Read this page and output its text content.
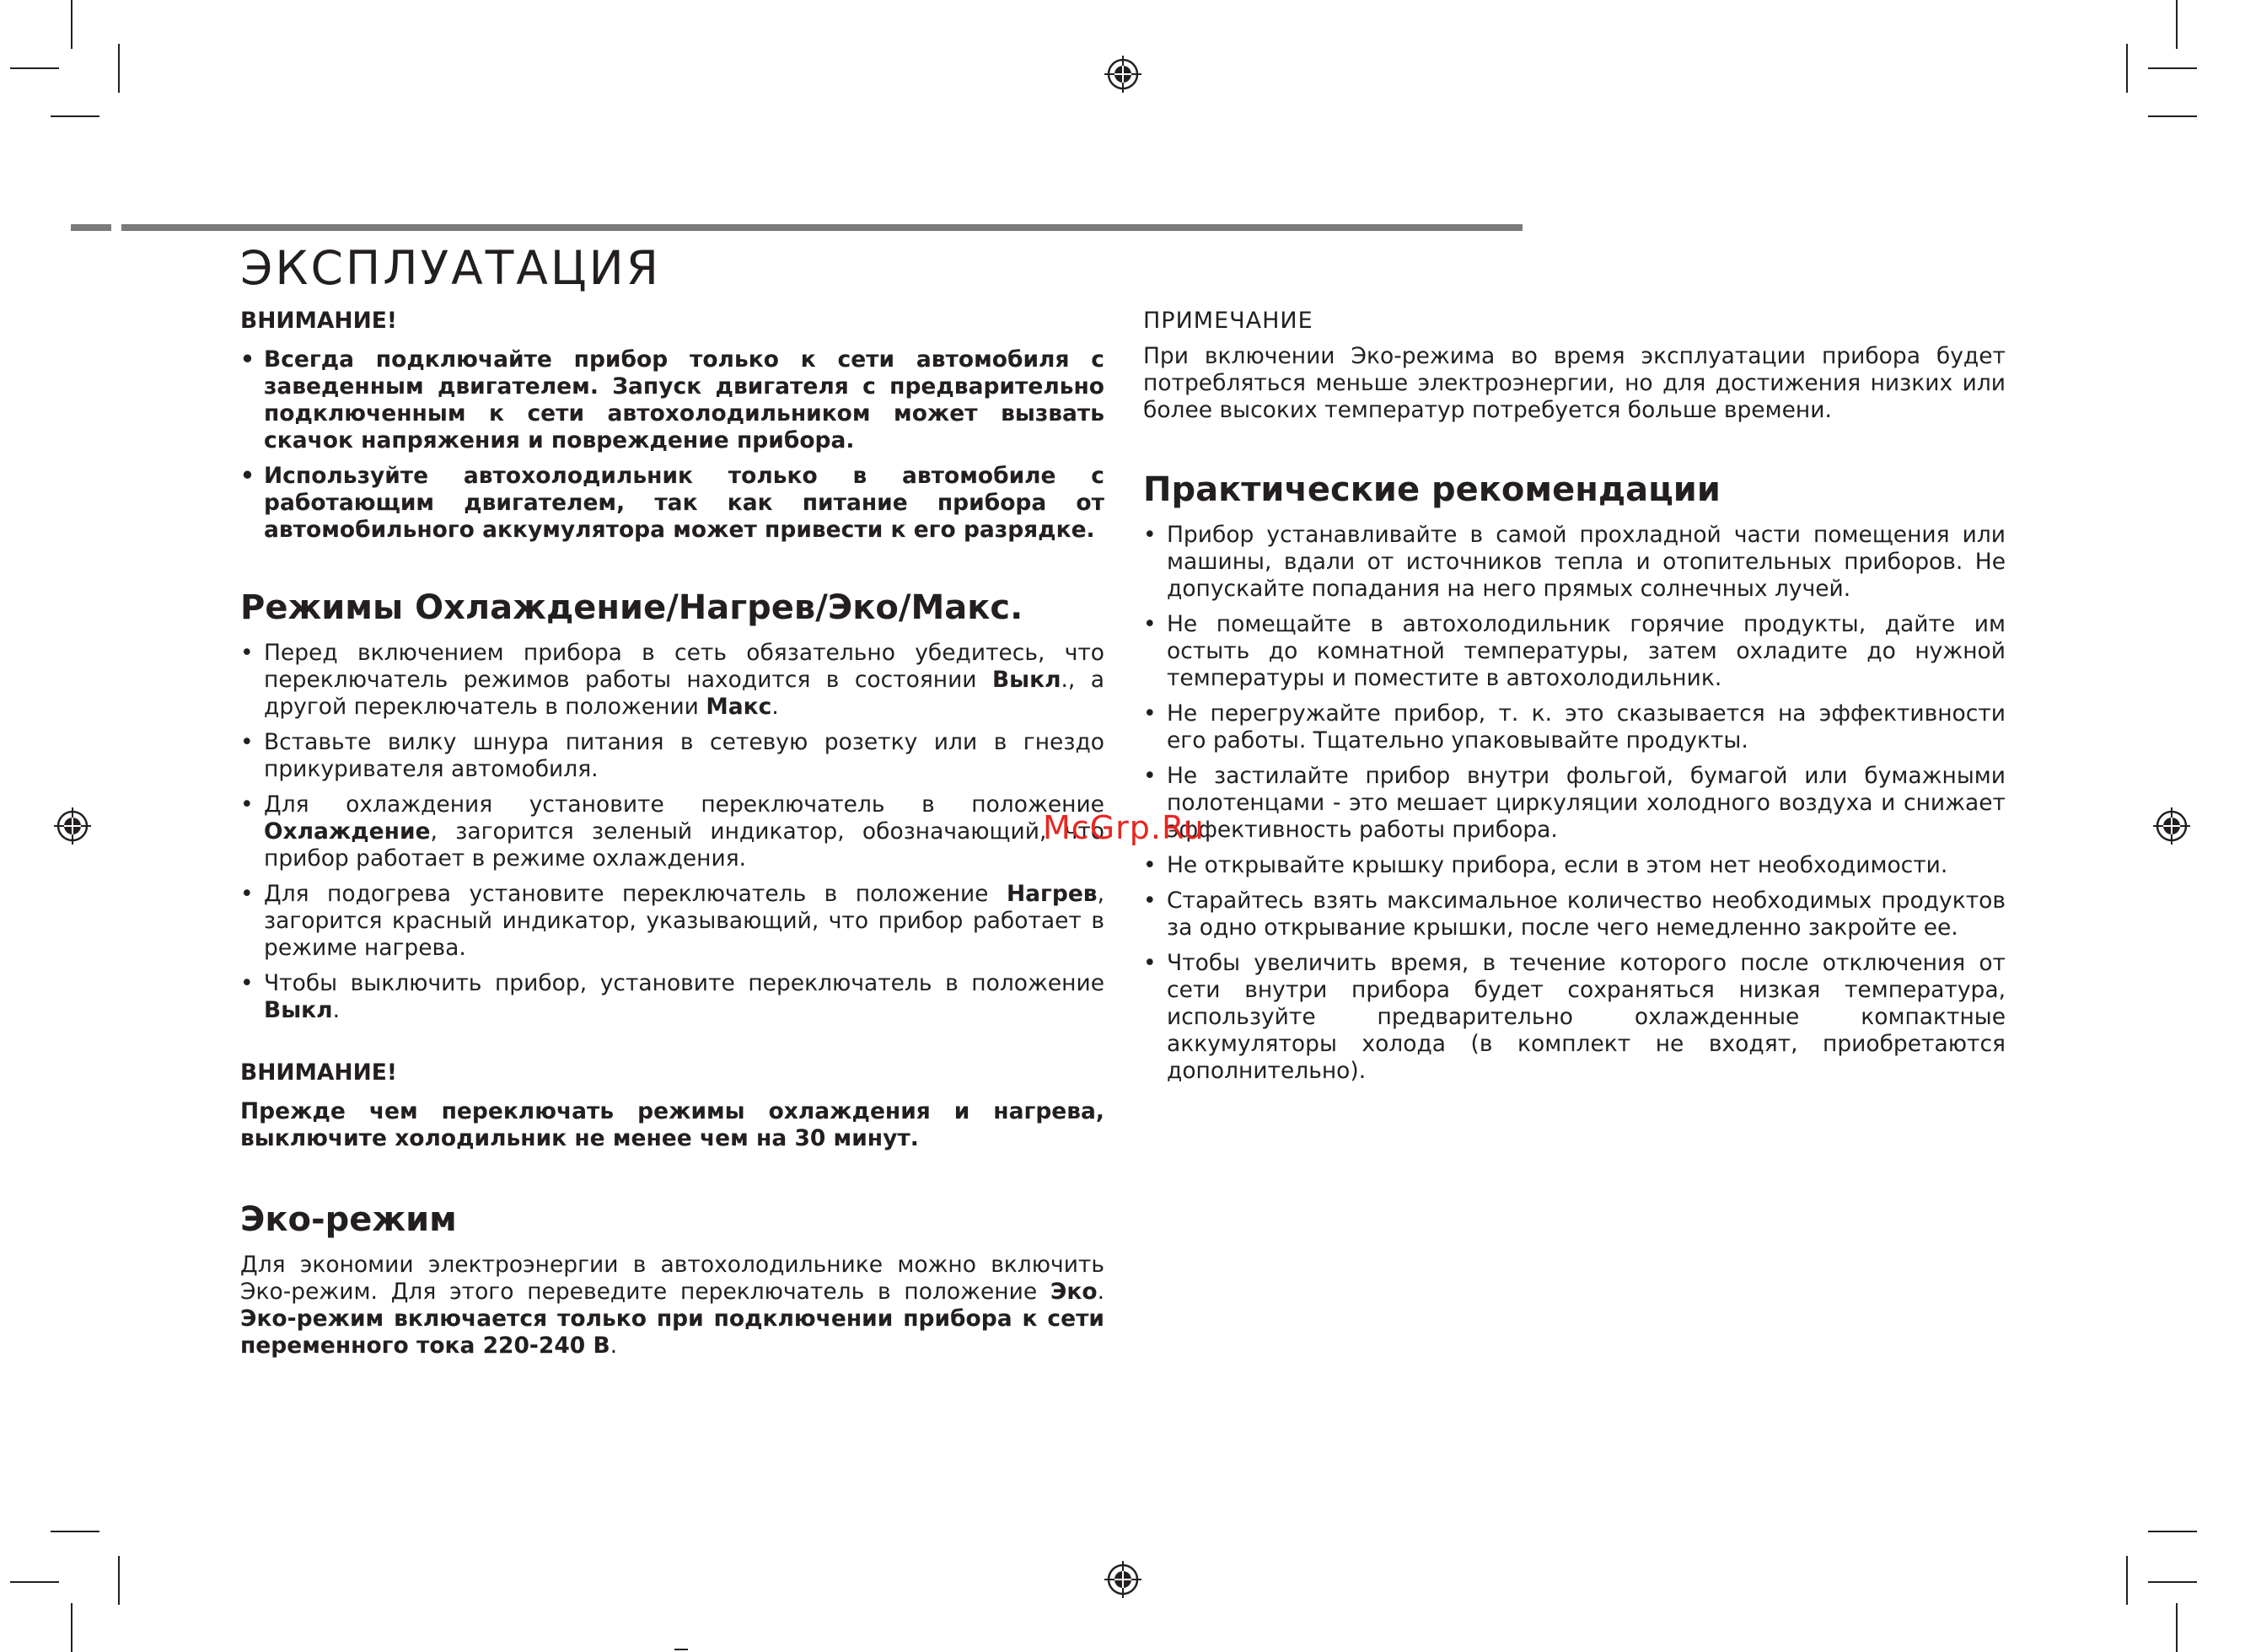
ЭКСПЛУАТАЦИЯ

ВНИМАНИЕ!

• Всегда подключайте прибор только к сети автомобиля с заведенным двигателем. Запуск двигателя с предварительно подключенным к сети автохолодильником может вызвать скачок напряжения и повреждение прибора.
• Используйте автохолодильник только в автомобиле с работающим двигателем, так как питание прибора от автомобильного аккумулятора может привести к его разрядке.
Режимы Охлаждение/Нагрев/Эко/Макс.
• Перед включением прибора в сеть обязательно убедитесь, что переключатель режимов работы находится в состоянии Выкл., а другой переключатель в положении Макс.
• Вставьте вилку шнура питания в сетевую розетку или в гнездо прикуривателя автомобиля.
• Для охлаждения установите переключатель в положение Охлаждение, загорится зеленый индикатор, обозначающий, что прибор работает в режиме охлаждения.
• Для подогрева установите переключатель в положение Нагрев, загорится красный индикатор, указывающий, что прибор работает в режиме нагрева.
• Чтобы выключить прибор, установите переключатель в положение Выкл.

ВНИМАНИЕ!

Прежде чем переключать режимы охлаждения и нагрева, выключите холодильник не менее чем на 30 минут.

Эко-режим

Для экономии электроэнергии в автохолодильнике можно включить Эко-режим. Для этого переведите переключатель в положение Эко. Эко-режим включается только при подключении прибора к сети переменного тока 220-240 В.

ПРИМЕЧАНИЕ

При включении Эко-режима во время эксплуатации прибора будет потребляться меньше электроэнергии, но для достижения низких или более высоких температур потребуется больше времени.

Практические рекомендации
• Прибор устанавливайте в самой прохладной части помещения или машины, вдали от источников тепла и отопительных приборов. Не допускайте попадания на него прямых солнечных лучей.
• Не помещайте в автохолодильник горячие продукты, дайте им остыть до комнатной температуры, затем охладите до нужной температуры и поместите в автохолодильник.
• Не перегружайте прибор, т. к. это сказывается на эффективности его работы. Тщательно упаковывайте продукты.
• Не застилайте прибор внутри фольгой, бумагой или бумажными полотенцами - это мешает циркуляции холодного воздуха и снижает эффективность работы прибора.
• Не открывайте крышку прибора, если в этом нет необходимости.
• Старайтесь взять максимальное количество необходимых продуктов за одно открывание крышки, после чего немедленно закройте ее.
• Чтобы увеличить время, в течение которого после отключения от сети внутри прибора будет сохраняться низкая температура, используйте предварительно охлажденные компактные аккумуляторы холода (в комплект не входят, приобретаются дополнительно).
McGrp.Ru
